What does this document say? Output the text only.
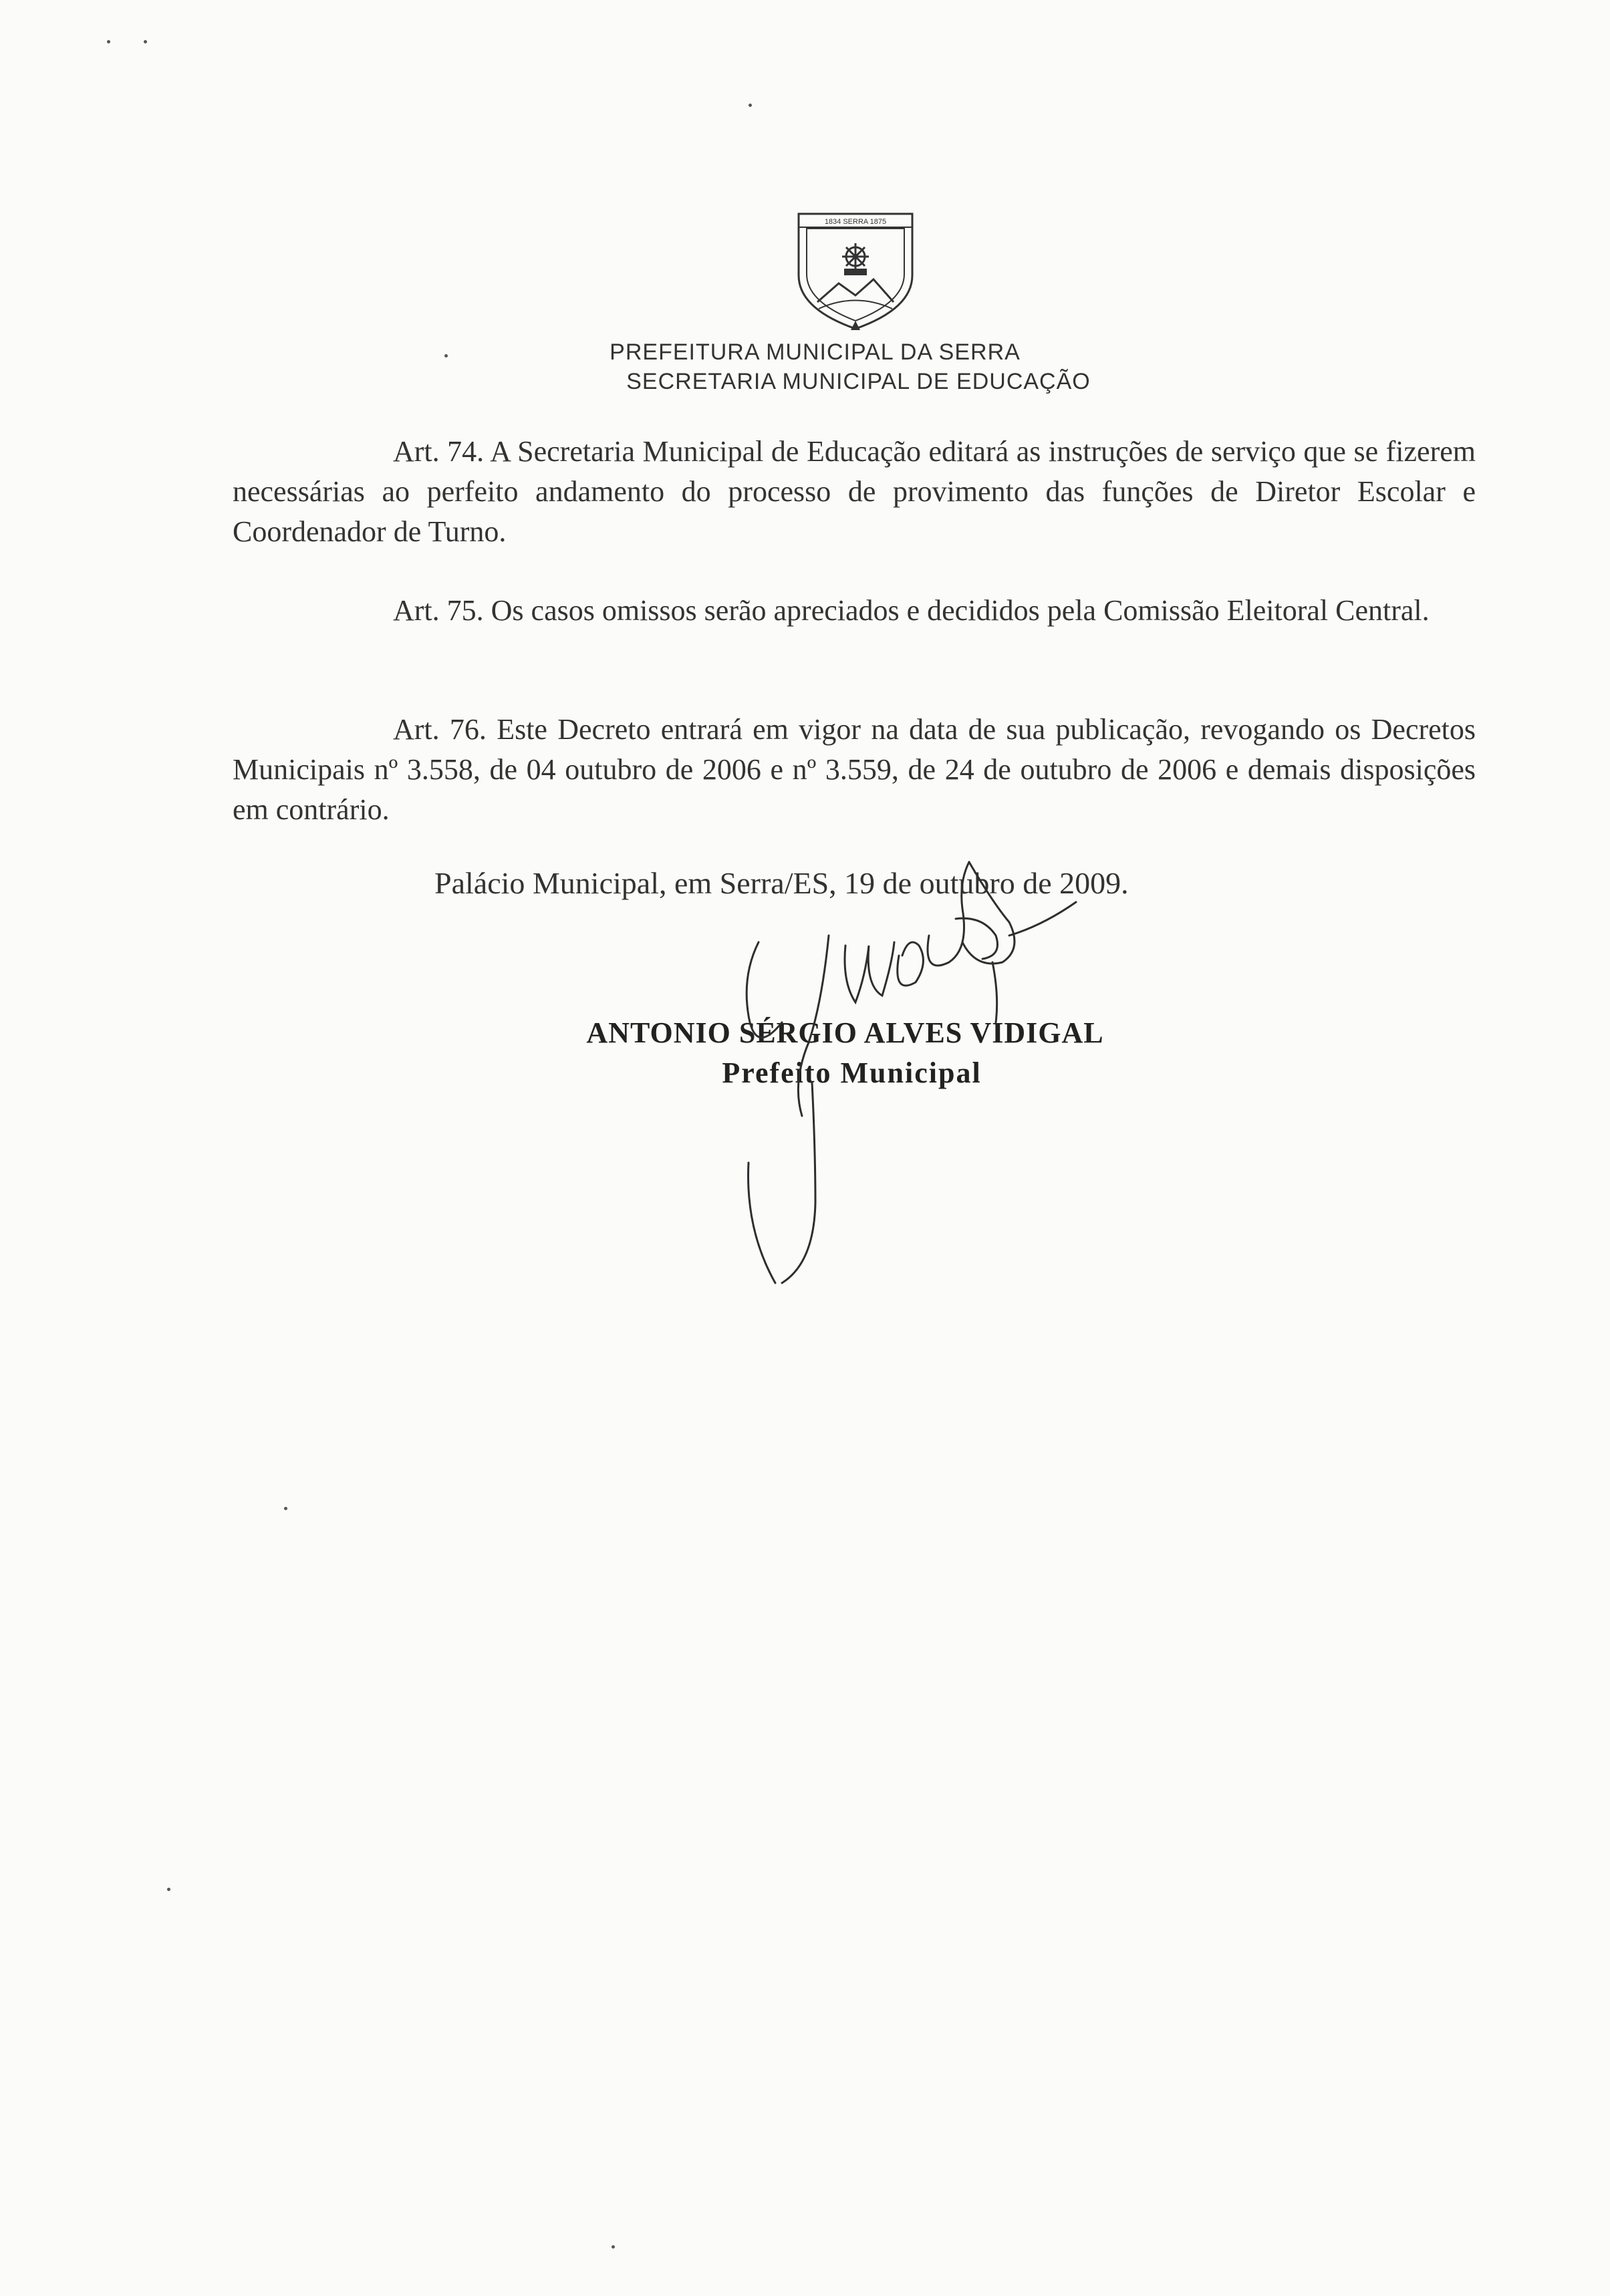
1834 SERRA 1875
PREFEITURA MUNICIPAL DA SERRA
SECRETARIA MUNICIPAL DE EDUCAÇÃO
Art. 74. A Secretaria Municipal de Educação editará as instruções de serviço que se fizerem necessárias ao perfeito andamento do processo de provimento das funções de Diretor Escolar e Coordenador de Turno.
Art. 75. Os casos omissos serão apreciados e decididos pela Comissão Eleitoral Central.
Art. 76. Este Decreto entrará em vigor na data de sua publicação, revogando os Decretos Municipais nº 3.558, de 04 outubro de 2006 e nº 3.559, de 24 de outubro de 2006 e demais disposições em contrário.
Palácio Municipal, em Serra/ES, 19 de outubro de 2009.
ANTONIO SÉRGIO ALVES VIDIGAL
Prefeito Municipal
